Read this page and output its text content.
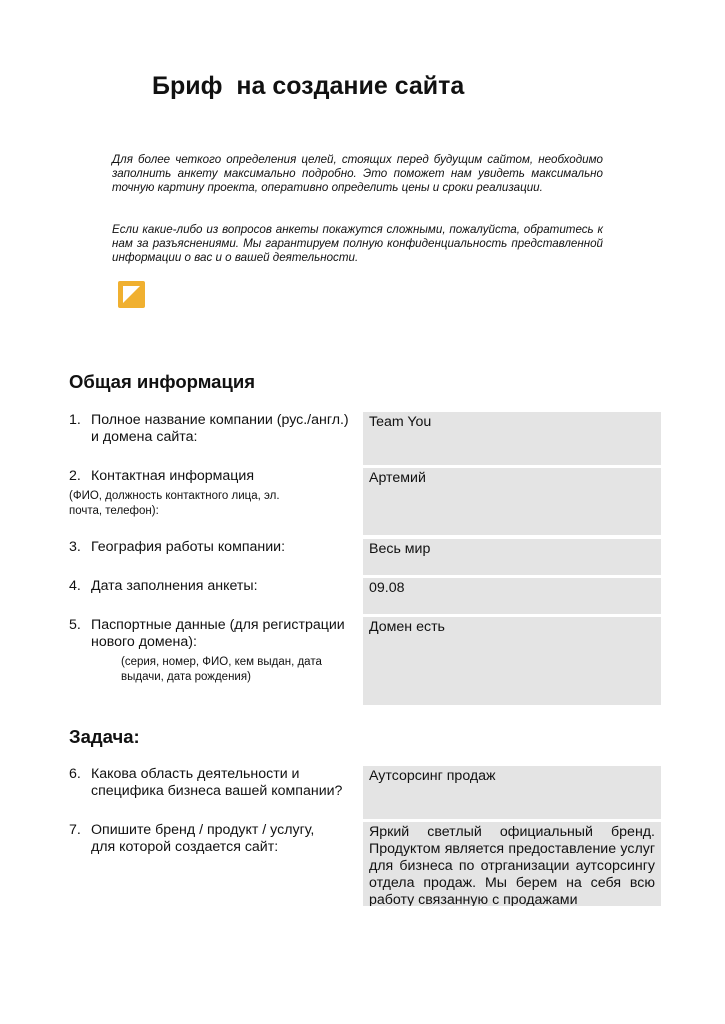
Бриф  на создание сайта
Для более четкого определения целей, стоящих перед будущим сайтом, необходимо заполнить анкету максимально подробно. Это поможет нам увидеть максимально точную картину проекта, оперативно определить цены и сроки реализации.
Если какие-либо из вопросов анкеты покажутся сложными, пожалуйста, обратитесь к нам за разъяснениями. Мы гарантируем полную конфиденциальность представленной информации о вас и о вашей деятельности.
Общая информация
1. Полное название компании (рус./англ.) и домена сайта:
Team You
2. Контактная информация
(ФИО, должность контактного лица, эл. почта, телефон):
Артемий
3. География работы компании:	Весь мир
4. Дата заполнения анкеты:	09.08
5. Паспортные данные (для регистрации нового домена):
(серия, номер, ФИО, кем выдан, дата выдачи, дата рождения)
Домен есть
Задача:
6. Какова область деятельности и специфика бизнеса вашей компании?
Аутсорсинг продаж
7. Опишите бренд / продукт / услугу, для которой создается сайт:
Яркий светлый официальный бренд. Продуктом является предоставление услуг для бизнеса по отрганизации аутсорсингу отдела продаж. Мы берем на себя всю работу связанную с продажами
